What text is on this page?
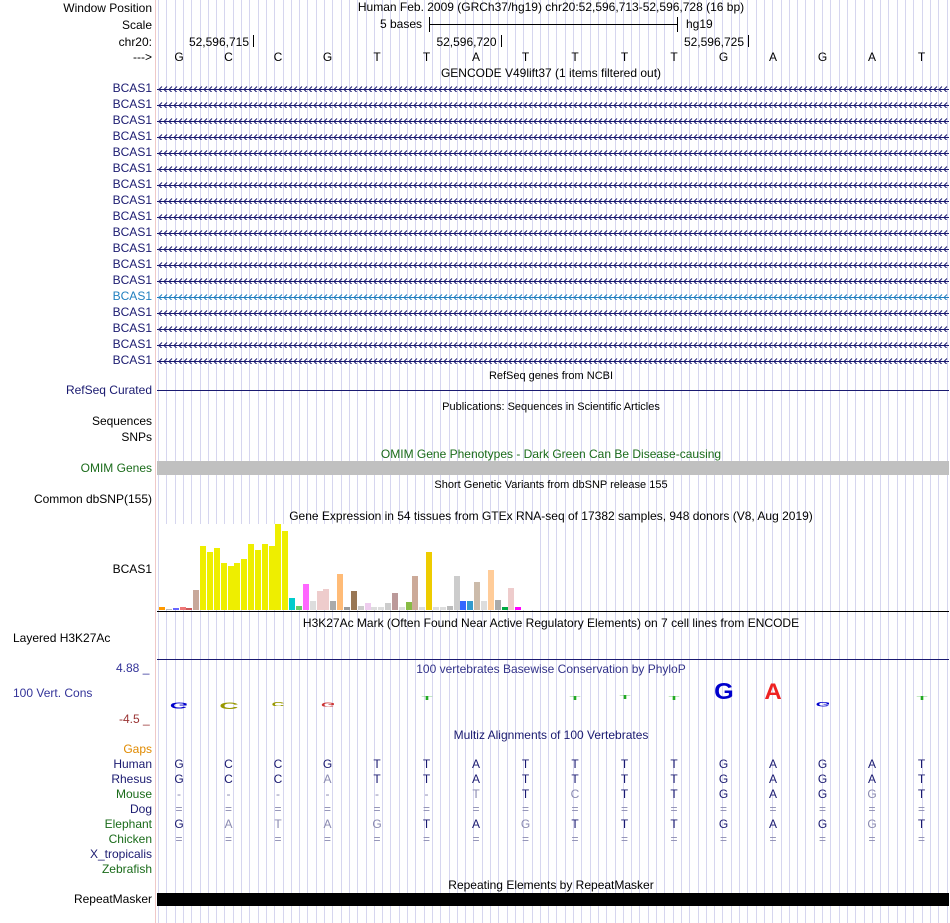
Window Position	Human Feb. 2009 (GRCh37/hg19) chr20:52,596,713-52,596,728 (16 bp)
Scale	5 bases	hg19
chr20:	52,596,715	52,596,720	52,596,725
--->	G	C	C	G	T	T	A	T	T	T	T	G	A	G	A	T
GENCODE V49lift37 (1 items filtered out)
BCAS1
BCAS1
BCAS1
BCAS1
BCAS1
BCAS1
BCAS1
BCAS1
BCAS1
BCAS1
BCAS1
BCAS1
BCAS1
BCAS1
BCAS1
BCAS1
BCAS1
BCAS1
RefSeq genes from NCBI
RefSeq Curated
Publications: Sequences in Scientific Articles
Sequences
SNPs
OMIM Gene Phenotypes - Dark Green Can Be Disease-causing
OMIM Genes
Short Genetic Variants from dbSNP release 155
Common dbSNP(155)
Gene Expression in 54 tissues from GTEx RNA-seq of 17382 samples, 948 donors (V8, Aug 2019)
BCAS1
H3K27Ac Mark (Often Found Near Active Regulatory Elements) on 7 cell lines from ENCODE
Layered H3K27Ac
100 vertebrates Basewise Conservation by PhyloP
4.88 _
100 Vert. Cons
-4.5 _
G	C	C	G
T	T	T	T	G	A	G
T
Multiz Alignments of 100 Vertebrates
Gaps
Human	G	C	C	G	T	T	A	T	T	T	T	G	A	G	A	T
Rhesus	G	C	C	A	T	T	A	T	T	T	T	G	A	G	A	T
Mouse	-	-	-	-	-	-	T	T	C	T	T	G	A	G	G	T
Dog	=	=	=	=	=	=	=	=	=	=	=	=	=	=	=	=
Elephant	G	A	T	A	G	T	A	G	T	T	T	G	A	G	G	T
Chicken	=	=	=	=	=	=	=	=	=	=	=	=	=	=	=	=
X_tropicalis
Zebrafish
Repeating Elements by RepeatMasker
RepeatMasker
